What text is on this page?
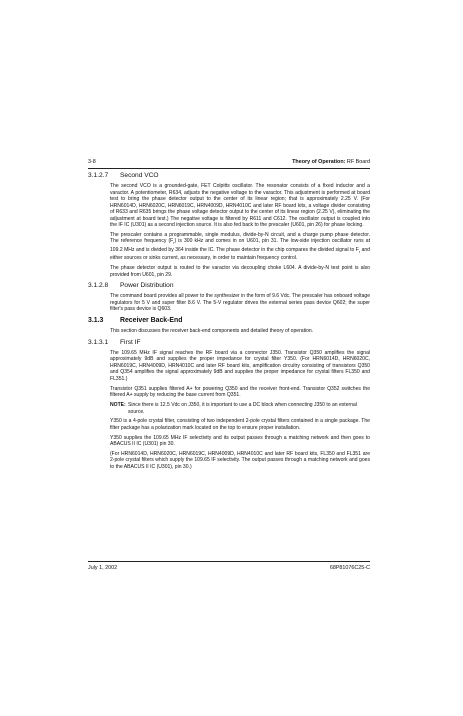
3-8	Theory of Operation: RF Board
3.1.2.7 Second VCO

The second VCO is a grounded-gate, FET Colpitts oscillator. The resonator consists of a fixed inductor and a varactor. A potentiometer, R634, adjusts the negative voltage to the varactor. This adjustment is performed at board test to bring the phase detector output to the center of its linear region; that is approximately 2.25 V. (For HRN6014D, HRN6020C, HRN6019C, HRN4009D, HRN4010C and later RF board kits, a voltage divider consisting of R633 and R635 brings the phase voltage detector output to the center of its linear region (2.25 V), eliminating the adjustment at board test.) The negative voltage is filtered by R611 and C612. The oscillator output is coupled into the IF IC (U301) as a second injection source. It is also fed back to the prescaler (U601, pin 26) for phase locking.

The prescaler contains a programmable, single modulus, divide-by-N circuit, and a charge pump phase detector. The reference frequency $(F_r)$ is 300 kHz and comes in on U601, pin 31. The low-side injection oscillator runs at 109.2 MHz and is divided by 364 inside the IC. The phase detector in the chip compares the divided signal to $F_r$ and either sources or sinks current, as necessary, in order to maintain frequency control.

The phase detector output is routed to the varactor via decoupling choke L604. A divide-by-N test point is also provided from U601, pin 29.

3.1.2.8 Power Distribution

The command board provides all power to the synthesizer in the form of 9.6 Vdc. The prescaler has onboard voltage regulators for 5 V and super filter 8.6 V. The 5-V regulator drives the external series pass device Q602; the super filter's pass device is Q603.

3.1.3 Receiver Back-End

This section discusses the receiver back-end components and detailed theory of operation.

3.1.3.1 First IF

The 109.65 MHz IF signal reaches the RF board via a connector J350. Transistor Q350 amplifies the signal approximately 9dB and supplies the proper impedance for crystal filter Y350. (For HRN6014D, HRN6020C, HRN6019C, HRN4009D, HRN4010C and later RF board kits, amplification circuitry consisting of transistors Q350 and Q354 amplifies the signal approximately 9dB and supplies the proper impedance for crystal filters FL350 and FL351.)

Transistor Q351 supplies filtered A+ for powering Q350 and the receiver front-end. Transistor Q352 switches the filtered A+ supply by reducing the base current from Q351.

NOTE: Since there is 12.5 Vdc on J350, it is important to use a DC block when connecting J350 to an external source.

Y350 is a 4-pole crystal filter, consisting of two independent 2-pole crystal filters contained in a single package. The filter package has a polarization mark located on the top to ensure proper installation.

Y350 supplies the 109.65 MHz IF selectivity and its output passes through a matching network and then goes to ABACUS II IC (U301) pin 30.

(For HRN6014D, HRN6020C, HRN6019C, HRN4009D, HRN4010C and later RF board kits, FL350 and FL351 are 2-pole crystal filters which supply the 109.65 IF selectivity. The output passes through a matching network and goes to the ABACUS II IC (U301), pin 30.)

July 1, 2002	68P81076C25-C
